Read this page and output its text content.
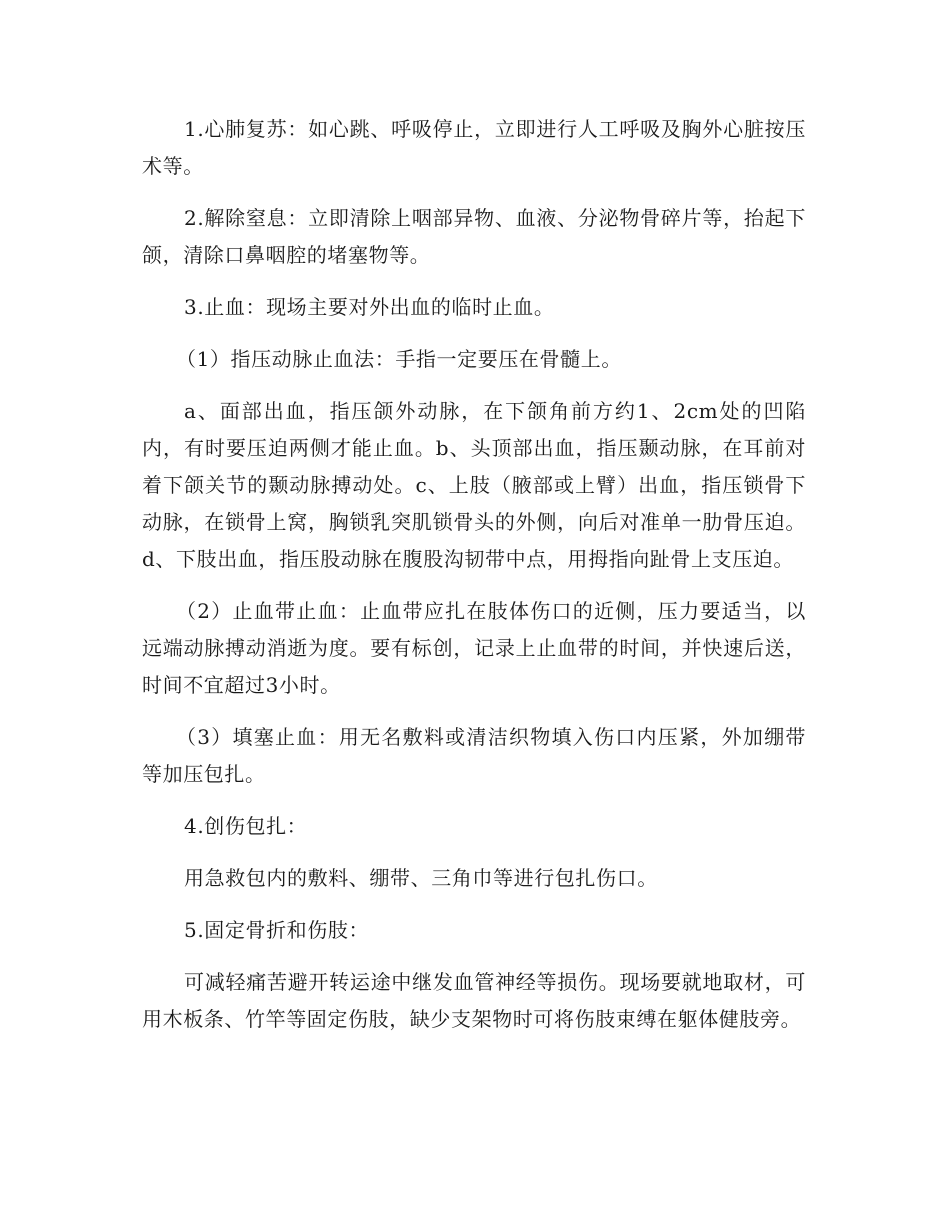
1.心肺复苏：如心跳、呼吸停止，立即进行人工呼吸及胸外心脏按压术等。

2.解除窒息：立即清除上咽部异物、血液、分泌物骨碎片等，抬起下颌，清除口鼻咽腔的堵塞物等。

3.止血：现场主要对外出血的临时止血。

（1）指压动脉止血法：手指一定要压在骨髓上。

a、面部出血，指压颌外动脉，在下颌角前方约1、2cm处的凹陷内，有时要压迫两侧才能止血。b、头顶部出血，指压颞动脉，在耳前对着下颌关节的颞动脉搏动处。c、上肢（腋部或上臂）出血，指压锁骨下动脉，在锁骨上窝，胸锁乳突肌锁骨头的外侧，向后对准单一肋骨压迫。d、下肢出血，指压股动脉在腹股沟韧带中点，用拇指向趾骨上支压迫。

（2）止血带止血：止血带应扎在肢体伤口的近侧，压力要适当，以远端动脉搏动消逝为度。要有标创，记录上止血带的时间，并快速后送，时间不宜超过3小时。

（3）填塞止血：用无名敷料或清洁织物填入伤口内压紧，外加绷带等加压包扎。

4.创伤包扎：

用急救包内的敷料、绷带、三角巾等进行包扎伤口。

5.固定骨折和伤肢：

可减轻痛苦避开转运途中继发血管神经等损伤。现场要就地取材，可用木板条、竹竿等固定伤肢，缺少支架物时可将伤肢束缚在躯体健肢旁。
